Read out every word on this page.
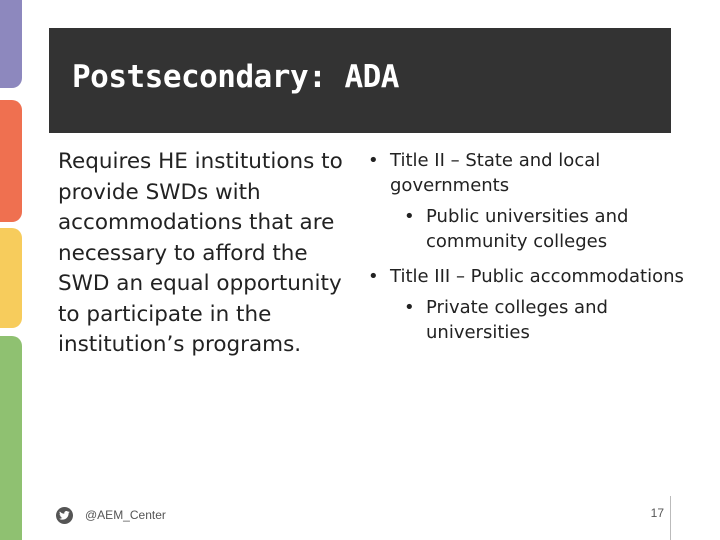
Postsecondary: ADA

Requires HE institutions to provide SWDs with accommodations that are necessary to afford the SWD an equal opportunity to participate in the institution’s programs.

• Title II – State and local governments
• Public universities and community colleges
• Title III – Public accommodations
• Private colleges and universities
@AEM_Center	17
